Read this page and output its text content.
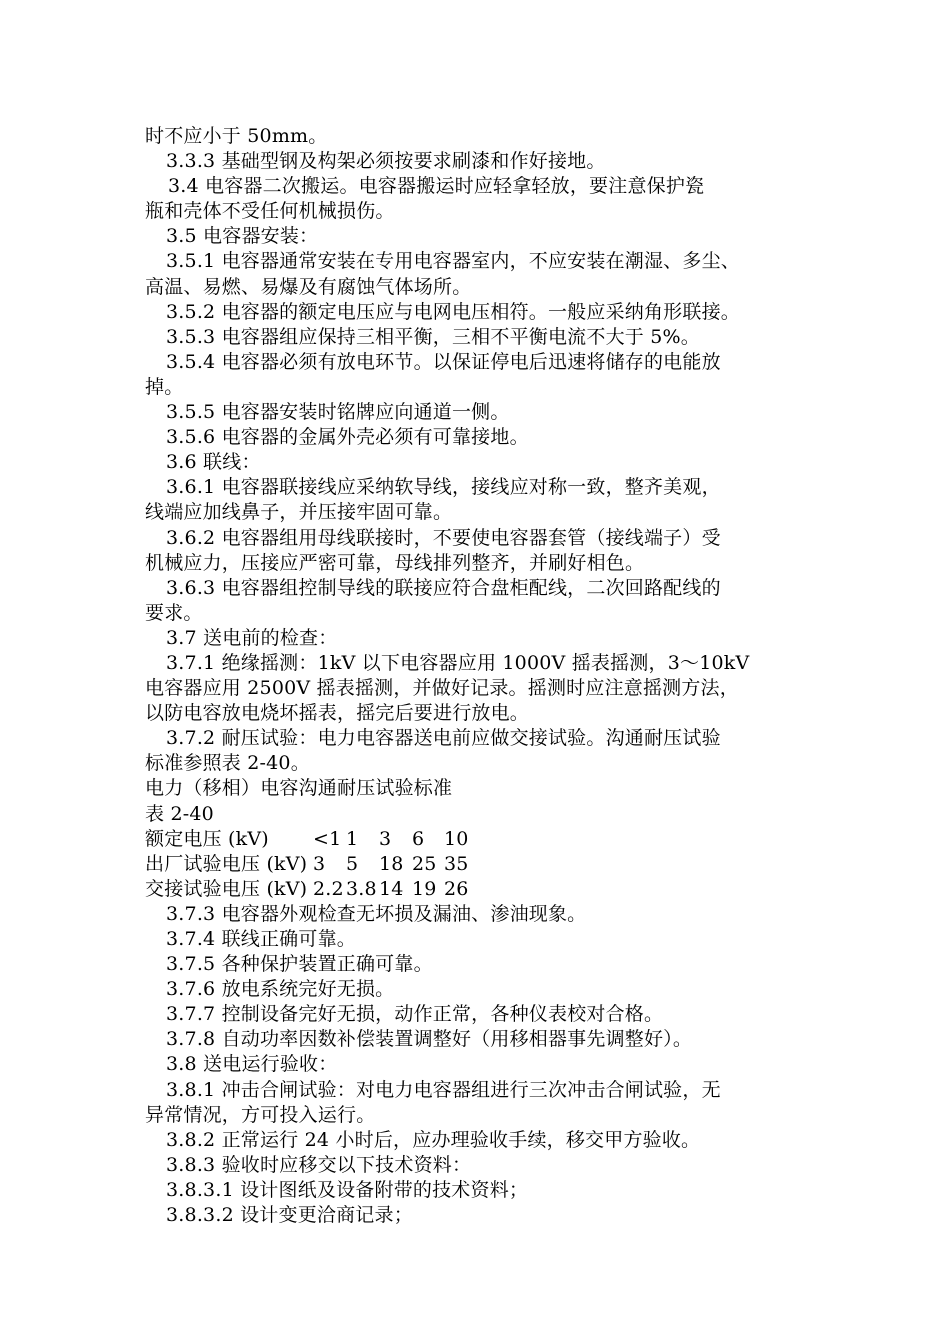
时不应小于 50mm。
3.3.3 基础型钢及构架必须按要求刷漆和作好接地。
3.4 电容器二次搬运。电容器搬运时应轻拿轻放，要注意保护瓷
瓶和壳体不受任何机械损伤。
3.5 电容器安装：
3.5.1 电容器通常安装在专用电容器室内，不应安装在潮湿、多尘、
高温、易燃、易爆及有腐蚀气体场所。
3.5.2 电容器的额定电压应与电网电压相符。一般应采纳角形联接。
3.5.3 电容器组应保持三相平衡，三相不平衡电流不大于 5%。
3.5.4 电容器必须有放电环节。以保证停电后迅速将储存的电能放
掉。
3.5.5 电容器安装时铭牌应向通道一侧。
3.5.6 电容器的金属外壳必须有可靠接地。
3.6 联线：
3.6.1 电容器联接线应采纳软导线，接线应对称一致，整齐美观，
线端应加线鼻子，并压接牢固可靠。
3.6.2 电容器组用母线联接时，不要使电容器套管（接线端子）受
机械应力，压接应严密可靠，母线排列整齐，并刷好相色。
3.6.3 电容器组控制导线的联接应符合盘柜配线，二次回路配线的
要求。
3.7 送电前的检查：
3.7.1 绝缘摇测：1kV 以下电容器应用 1000V 摇表摇测，3～10kV
电容器应用 2500V 摇表摇测，并做好记录。摇测时应注意摇测方法，
以防电容放电烧坏摇表，摇完后要进行放电。
3.7.2 耐压试验：电力电容器送电前应做交接试验。沟通耐压试验
标准参照表 2-40。
电力（移相）电容沟通耐压试验标准
表 2-40
额定电压 (kV)	<1 1	3	6	10
出厂试验电压 (kV) 3	5	18 25 35
交接试验电压 (kV) 2.2 3.8 14 19 26
3.7.3 电容器外观检查无坏损及漏油、渗油现象。
3.7.4 联线正确可靠。
3.7.5 各种保护装置正确可靠。
3.7.6 放电系统完好无损。
3.7.7 控制设备完好无损，动作正常，各种仪表校对合格。
3.7.8 自动功率因数补偿装置调整好（用移相器事先调整好）。
3.8 送电运行验收：
3.8.1 冲击合闸试验：对电力电容器组进行三次冲击合闸试验，无
异常情况，方可投入运行。
3.8.2 正常运行 24 小时后，应办理验收手续，移交甲方验收。
3.8.3 验收时应移交以下技术资料：
3.8.3.1 设计图纸及设备附带的技术资料；
3.8.3.2 设计变更洽商记录；
